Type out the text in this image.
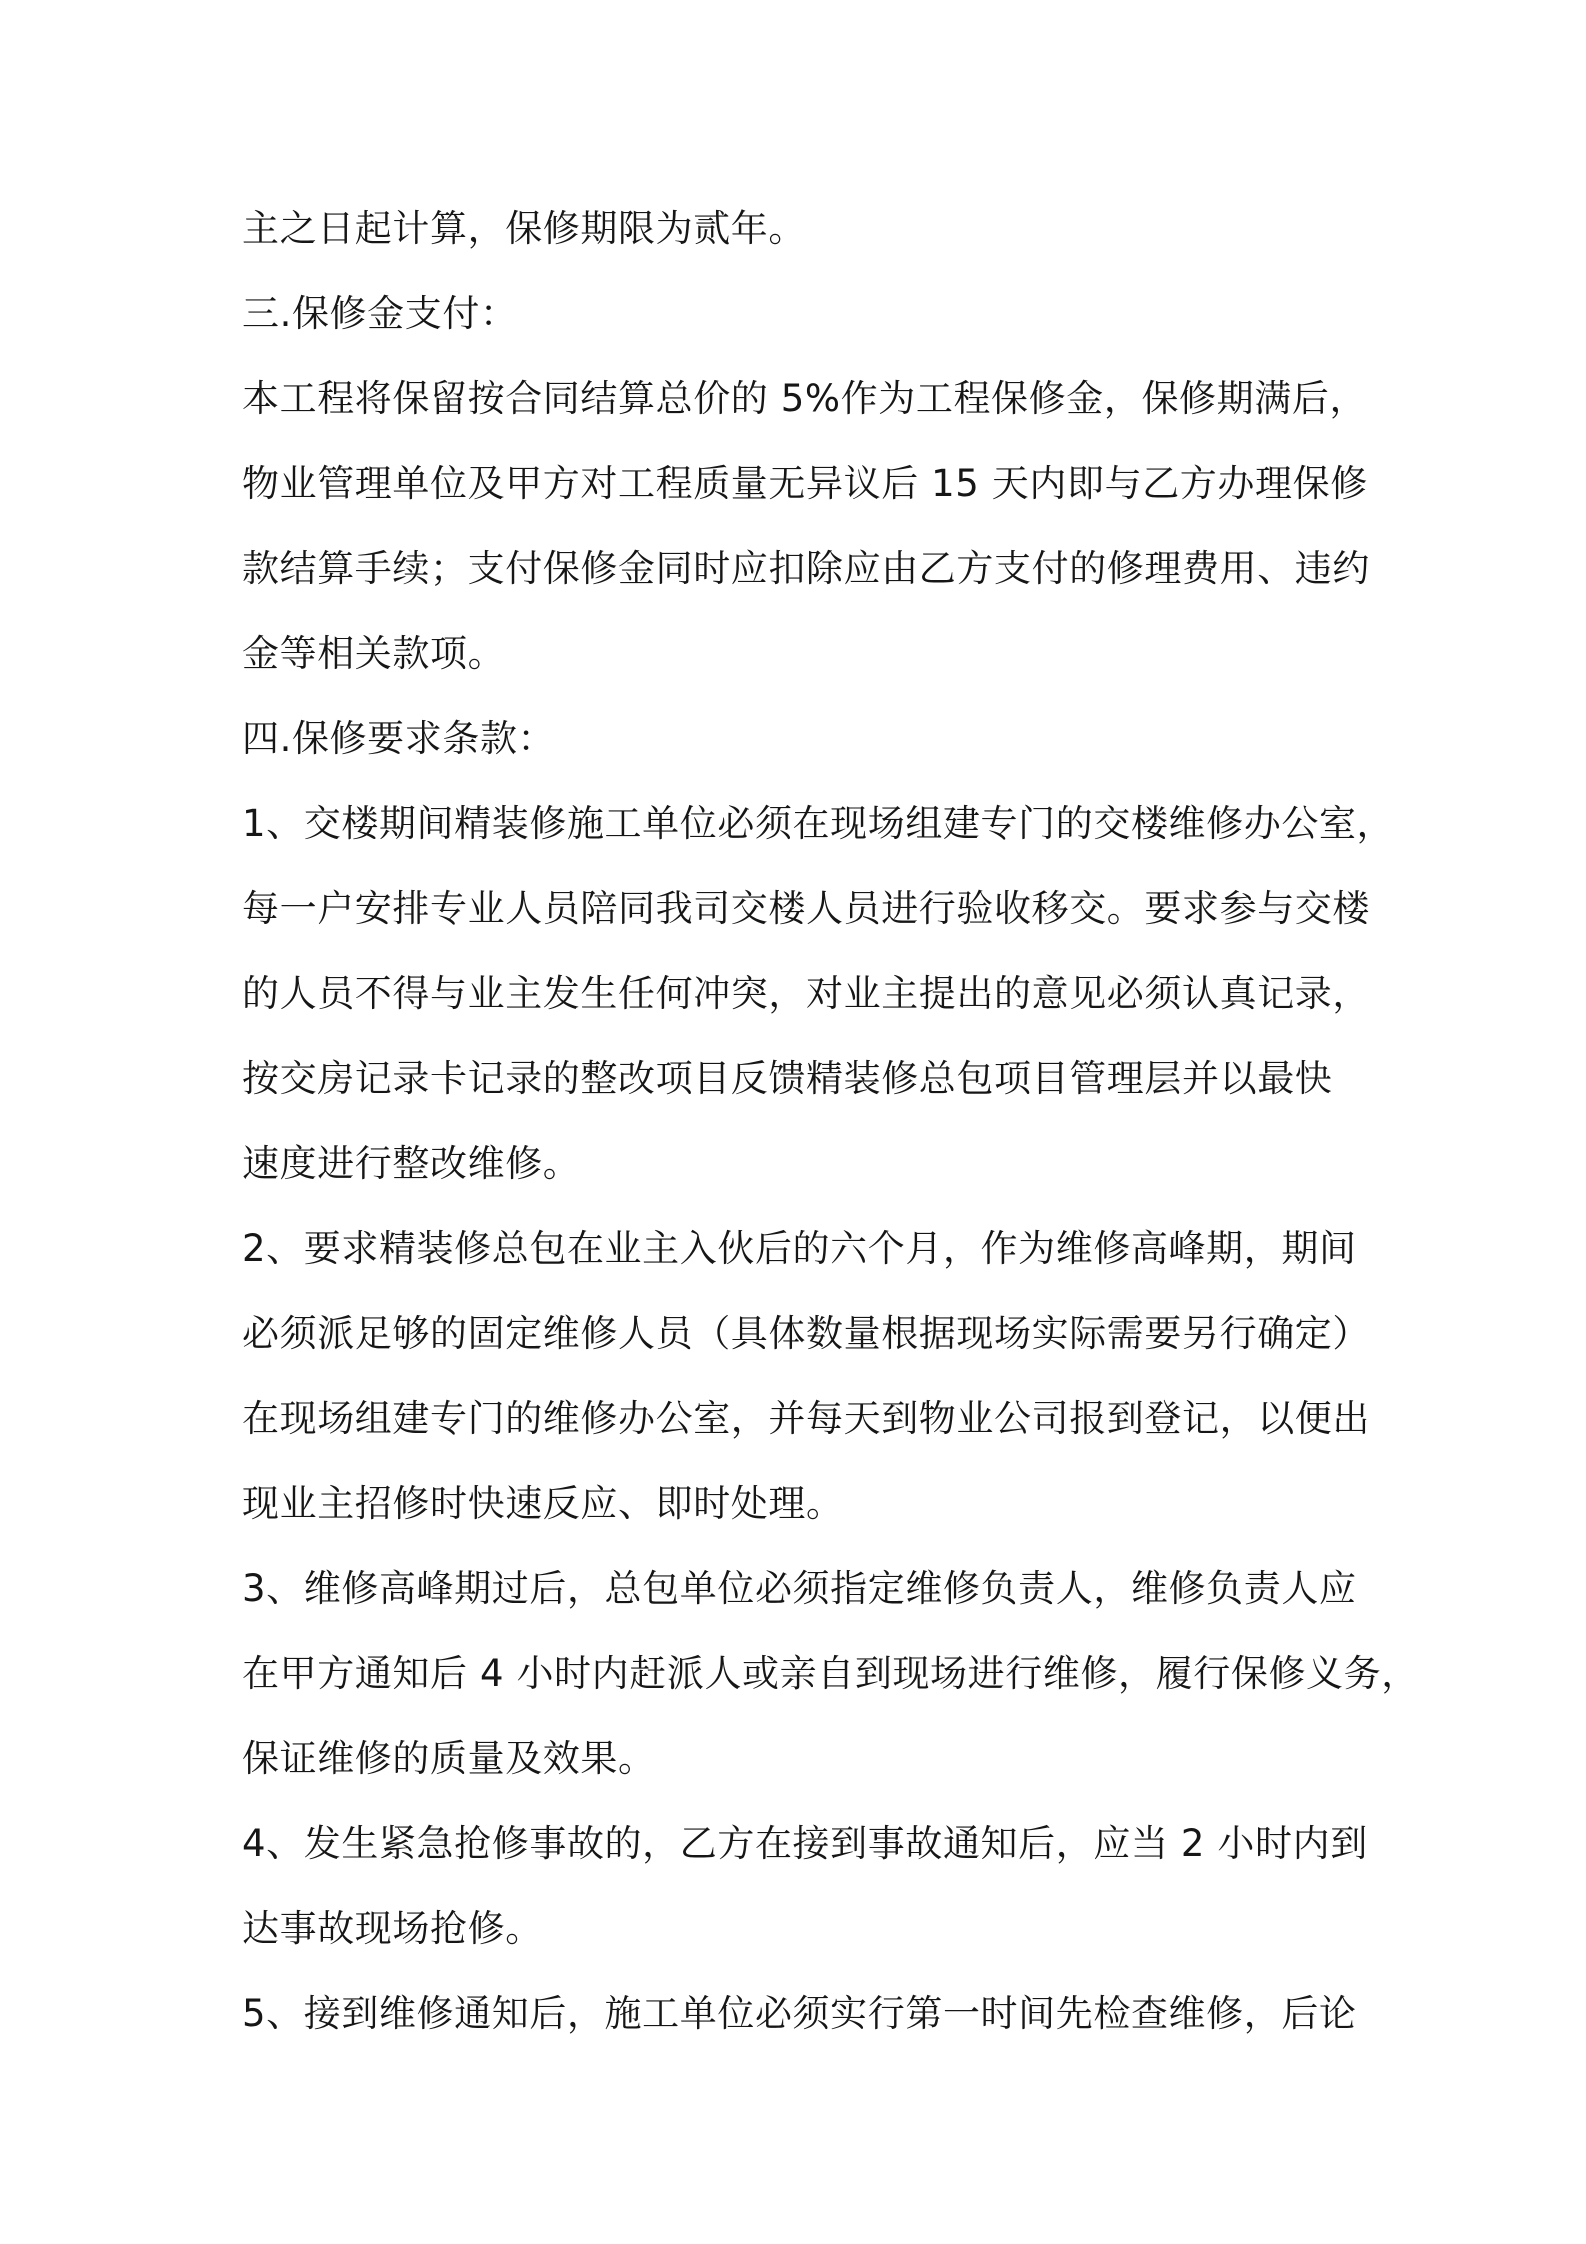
主之日起计算，保修期限为贰年。

三.保修金支付：

本工程将保留按合同结算总价的 5%作为工程保修金，保修期满后，

物业管理单位及甲方对工程质量无异议后 15 天内即与乙方办理保修

款结算手续；支付保修金同时应扣除应由乙方支付的修理费用、违约

金等相关款项。

四.保修要求条款：

1、交楼期间精装修施工单位必须在现场组建专门的交楼维修办公室，

每一户安排专业人员陪同我司交楼人员进行验收移交。要求参与交楼

的人员不得与业主发生任何冲突，对业主提出的意见必须认真记录，

按交房记录卡记录的整改项目反馈精装修总包项目管理层并以最快

速度进行整改维修。

2、要求精装修总包在业主入伙后的六个月，作为维修高峰期，期间

必须派足够的固定维修人员（具体数量根据现场实际需要另行确定）

在现场组建专门的维修办公室，并每天到物业公司报到登记，以便出

现业主招修时快速反应、即时处理。

3、维修高峰期过后，总包单位必须指定维修负责人，维修负责人应

在甲方通知后 4 小时内赶派人或亲自到现场进行维修，履行保修义务，

保证维修的质量及效果。

4、发生紧急抢修事故的，乙方在接到事故通知后，应当 2 小时内到

达事故现场抢修。

5、接到维修通知后，施工单位必须实行第一时间先检查维修，后论
